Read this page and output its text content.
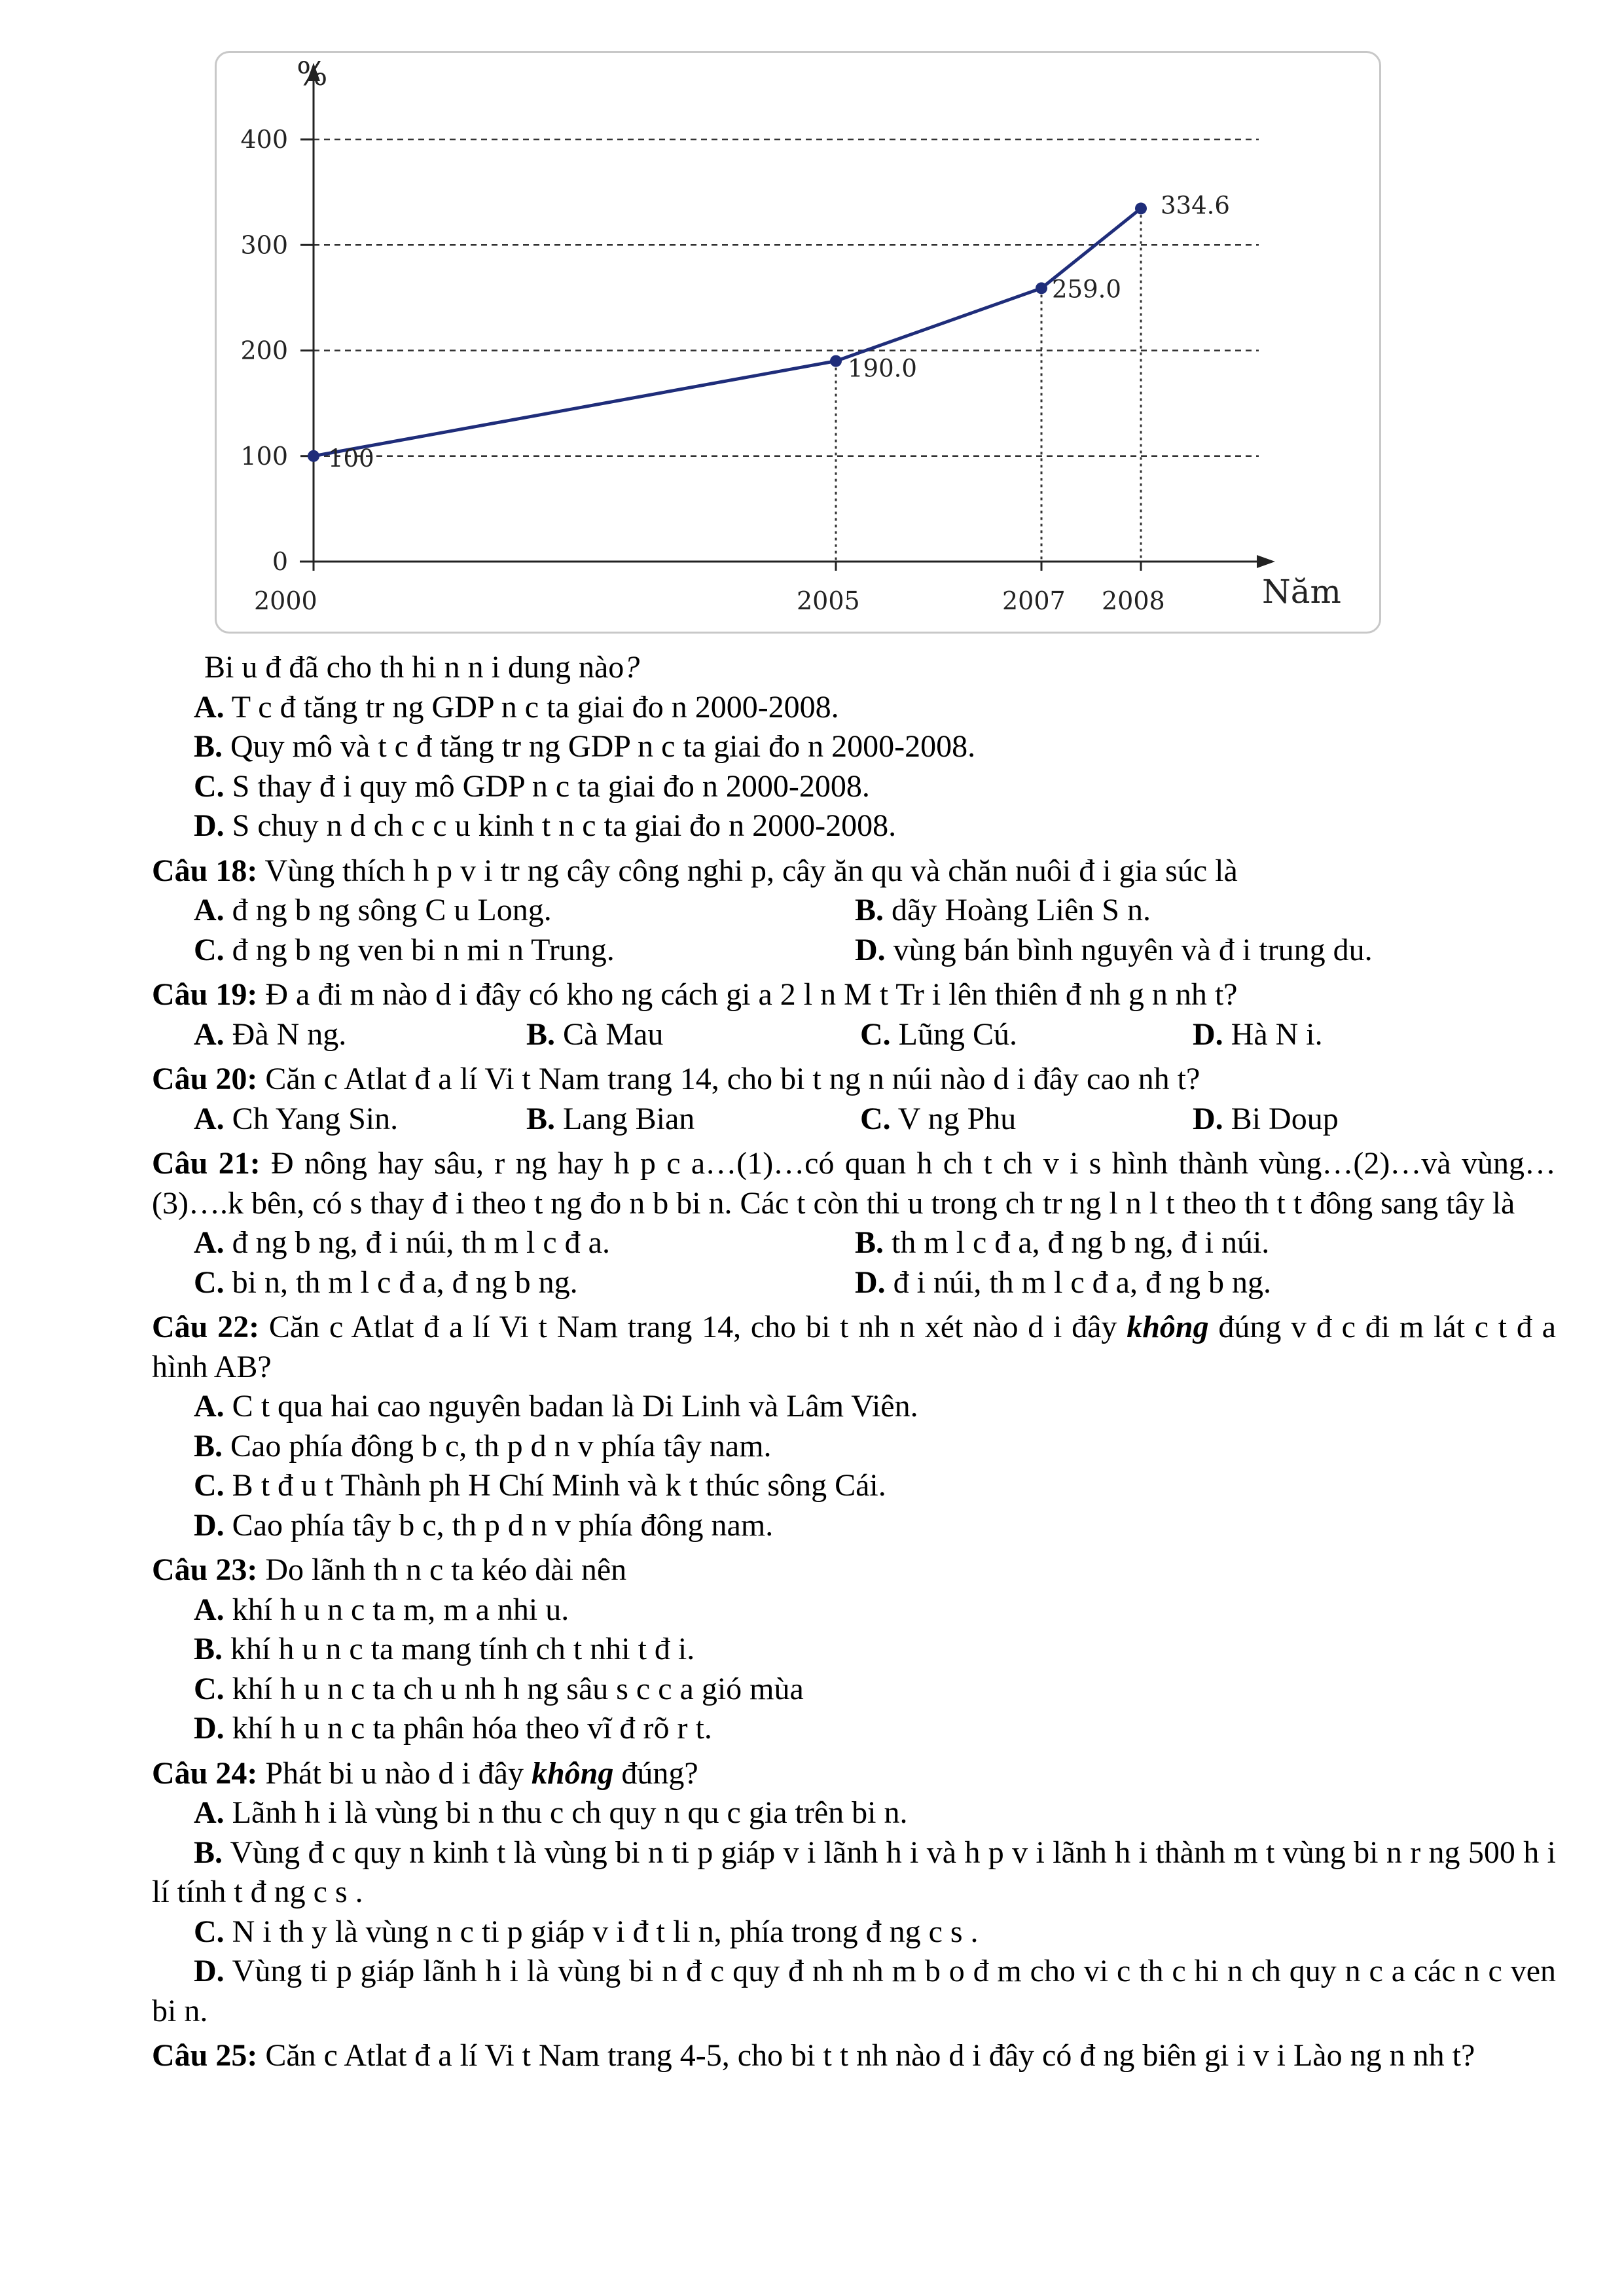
%
Năm
0
100
200
300
400
2000	2005	2007 2008
100
190.0
259.0
334.6

Bi u đ đã cho th hi n n i dung nào?

A. T c đ tăng tr ng GDP n c ta giai đo n 2000-2008.

B. Quy mô và t c đ tăng tr ng GDP n c ta giai đo n 2000-2008.

C. S thay đ i quy mô GDP n c ta giai đo n 2000-2008.

D. S chuy n d ch c c u kinh t n c ta giai đo n 2000-2008.

Câu 18: Vùng thích h p v i tr ng cây công nghi p, cây ăn qu và chăn nuôi đ i gia súc là

A. đ ng b ng sông C u Long.	B. dãy Hoàng Liên S n.

C. đ ng b ng ven bi n mi n Trung.	D. vùng bán bình nguyên và đ i trung du.

Câu 19: Đ a đi m nào d i đây có kho ng cách gi a 2 l n M t Tr i lên thiên đ nh g n nh t?

A. Đà N ng.	B. Cà Mau	C. Lũng Cú.	D. Hà N i.

Câu 20: Căn c Atlat đ a lí Vi t Nam trang 14, cho bi t ng n núi nào d i đây cao nh t?

A. Ch Yang Sin.	B. Lang Bian	C. V ng Phu	D. Bi Doup

Câu 21: Đ nông hay sâu, r ng hay h p c a…(1)…có quan h ch t ch v i s hình thành vùng…(2)…và vùng…(3)….k bên, có s thay đ i theo t ng đo n b bi n. Các t còn thi u trong ch tr ng l n l t theo th t t đông sang tây là

A. đ ng b ng, đ i núi, th m l c đ a.	B. th m l c đ a, đ ng b ng, đ i núi.

C. bi n, th m l c đ a, đ ng b ng.	D. đ i núi, th m l c đ a, đ ng b ng.

Câu 22: Căn c Atlat đ a lí Vi t Nam trang 14, cho bi t nh n xét nào d i đây không đúng v đ c đi m lát c t đ a hình AB?

A. C t qua hai cao nguyên badan là Di Linh và Lâm Viên.

B. Cao phía đông b c, th p d n v phía tây nam.

C. B t đ u t Thành ph H Chí Minh và k t thúc sông Cái.

D. Cao phía tây b c, th p d n v phía đông nam.

Câu 23: Do lãnh th n c ta kéo dài nên

A. khí h u n c ta m, m a nhi u.

B. khí h u n c ta mang tính ch t nhi t đ i.

C. khí h u n c ta ch u nh h ng sâu s c c a gió mùa

D. khí h u n c ta phân hóa theo vĩ đ rõ r t.

Câu 24: Phát bi u nào d i đây không đúng?

A. Lãnh h i là vùng bi n thu c ch quy n qu c gia trên bi n.

B. Vùng đ c quy n kinh t là vùng bi n ti p giáp v i lãnh h i và h p v i lãnh h i thành m t vùng bi n r ng 500 h i lí tính t đ ng c s .

C. N i th y là vùng n c ti p giáp v i đ t li n, phía trong đ ng c s .

D. Vùng ti p giáp lãnh h i là vùng bi n đ c quy đ nh nh m b o đ m cho vi c th c hi n ch quy n c a các n c ven bi n.

Câu 25: Căn c Atlat đ a lí Vi t Nam trang 4-5, cho bi t t nh nào d i đây có đ ng biên gi i v i Lào ng n nh t?
